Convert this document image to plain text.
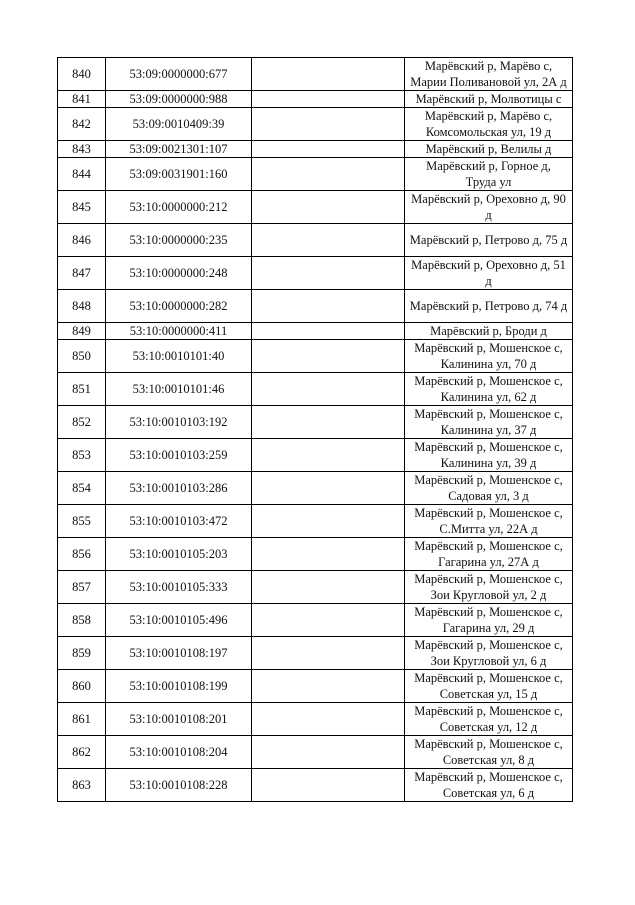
840	53:09:0000000:677		Марёвский р, Марёво с,
Марии Поливановой ул, 2А д

841	53:09:0000000:988		Марёвский р, Молвотицы с

842	53:09:0010409:39		Марёвский р, Марёво с,
Комсомольская ул, 19 д

843	53:09:0021301:107		Марёвский р, Велилы д

844	53:09:0031901:160		Марёвский р, Горное д,
Труда ул

845	53:10:0000000:212		Марёвский р, Ореховно д, 90
д

846	53:10:0000000:235		Марёвский р, Петрово д, 75 д

847	53:10:0000000:248		Марёвский р, Ореховно д, 51
д

848	53:10:0000000:282		Марёвский р, Петрово д, 74 д

849	53:10:0000000:411		Марёвский р, Броди д

850	53:10:0010101:40		Марёвский р, Мошенское с,
Калинина ул, 70 д

851	53:10:0010101:46		Марёвский р, Мошенское с,
Калинина ул, 62 д

852	53:10:0010103:192		Марёвский р, Мошенское с,
Калинина ул, 37 д

853	53:10:0010103:259		Марёвский р, Мошенское с,
Калинина ул, 39 д

854	53:10:0010103:286		Марёвский р, Мошенское с,
Садовая ул, 3 д

855	53:10:0010103:472		Марёвский р, Мошенское с,
С.Митта ул, 22А д

856	53:10:0010105:203		Марёвский р, Мошенское с,
Гагарина ул, 27А д

857	53:10:0010105:333		Марёвский р, Мошенское с,
Зои Кругловой ул, 2 д

858	53:10:0010105:496		Марёвский р, Мошенское с,
Гагарина ул, 29 д

859	53:10:0010108:197		Марёвский р, Мошенское с,
Зои Кругловой ул, 6 д

860	53:10:0010108:199		Марёвский р, Мошенское с,
Советская ул, 15 д

861	53:10:0010108:201		Марёвский р, Мошенское с,
Советская ул, 12 д

862	53:10:0010108:204		Марёвский р, Мошенское с,
Советская ул, 8 д

863	53:10:0010108:228		Марёвский р, Мошенское с,
Советская ул, 6 д
